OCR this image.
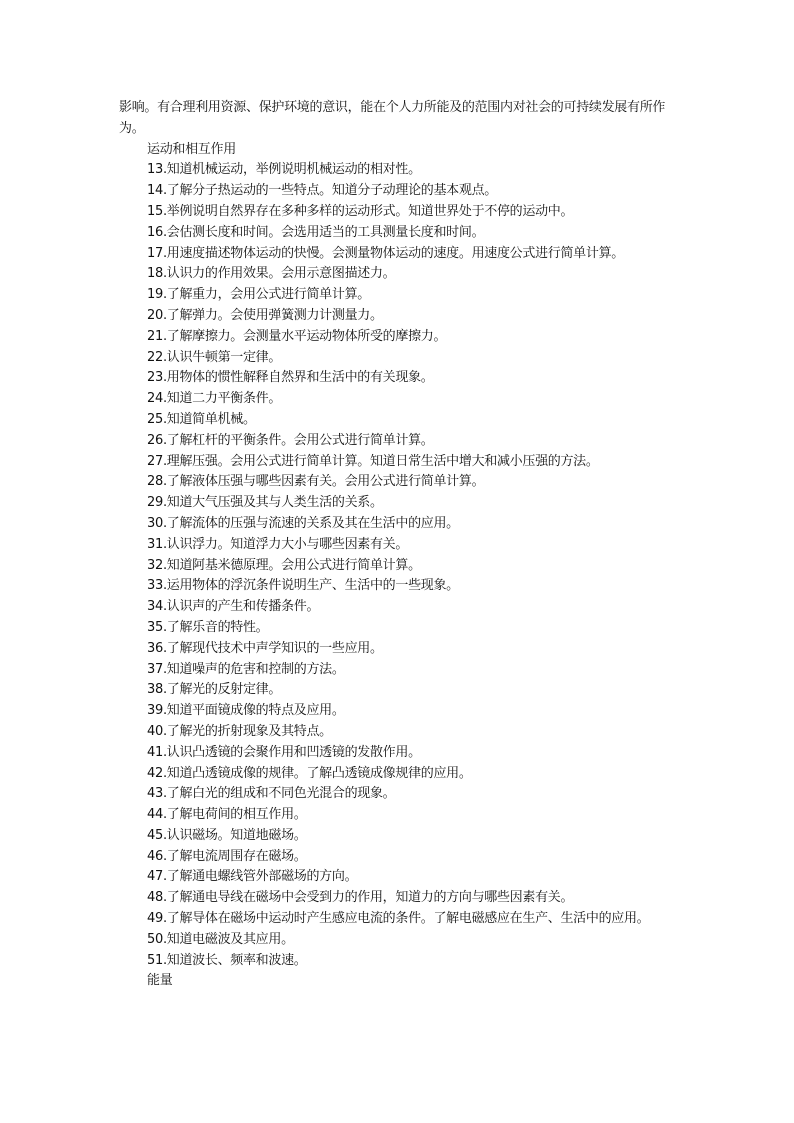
影响。有合理利用资源、保护环境的意识，能在个人力所能及的范围内对社会的可持续发展有所作为。

运动和相互作用

13.知道机械运动，举例说明机械运动的相对性。

14.了解分子热运动的一些特点。知道分子动理论的基本观点。

15.举例说明自然界存在多种多样的运动形式。知道世界处于不停的运动中。

16.会估测长度和时间。会选用适当的工具测量长度和时间。

17.用速度描述物体运动的快慢。会测量物体运动的速度。用速度公式进行简单计算。

18.认识力的作用效果。会用示意图描述力。

19.了解重力，会用公式进行简单计算。

20.了解弹力。会使用弹簧测力计测量力。

21.了解摩擦力。会测量水平运动物体所受的摩擦力。

22.认识牛顿第一定律。

23.用物体的惯性解释自然界和生活中的有关现象。

24.知道二力平衡条件。

25.知道简单机械。

26.了解杠杆的平衡条件。会用公式进行简单计算。

27.理解压强。会用公式进行简单计算。知道日常生活中增大和减小压强的方法。

28.了解液体压强与哪些因素有关。会用公式进行简单计算。

29.知道大气压强及其与人类生活的关系。

30.了解流体的压强与流速的关系及其在生活中的应用。

31.认识浮力。知道浮力大小与哪些因素有关。

32.知道阿基米德原理。会用公式进行简单计算。

33.运用物体的浮沉条件说明生产、生活中的一些现象。

34.认识声的产生和传播条件。

35.了解乐音的特性。

36.了解现代技术中声学知识的一些应用。

37.知道噪声的危害和控制的方法。

38.了解光的反射定律。

39.知道平面镜成像的特点及应用。

40.了解光的折射现象及其特点。

41.认识凸透镜的会聚作用和凹透镜的发散作用。

42.知道凸透镜成像的规律。了解凸透镜成像规律的应用。

43.了解白光的组成和不同色光混合的现象。

44.了解电荷间的相互作用。

45.认识磁场。知道地磁场。

46.了解电流周围存在磁场。

47.了解通电螺线管外部磁场的方向。

48.了解通电导线在磁场中会受到力的作用，知道力的方向与哪些因素有关。

49.了解导体在磁场中运动时产生感应电流的条件。了解电磁感应在生产、生活中的应用。

50.知道电磁波及其应用。

51.知道波长、频率和波速。

能量
